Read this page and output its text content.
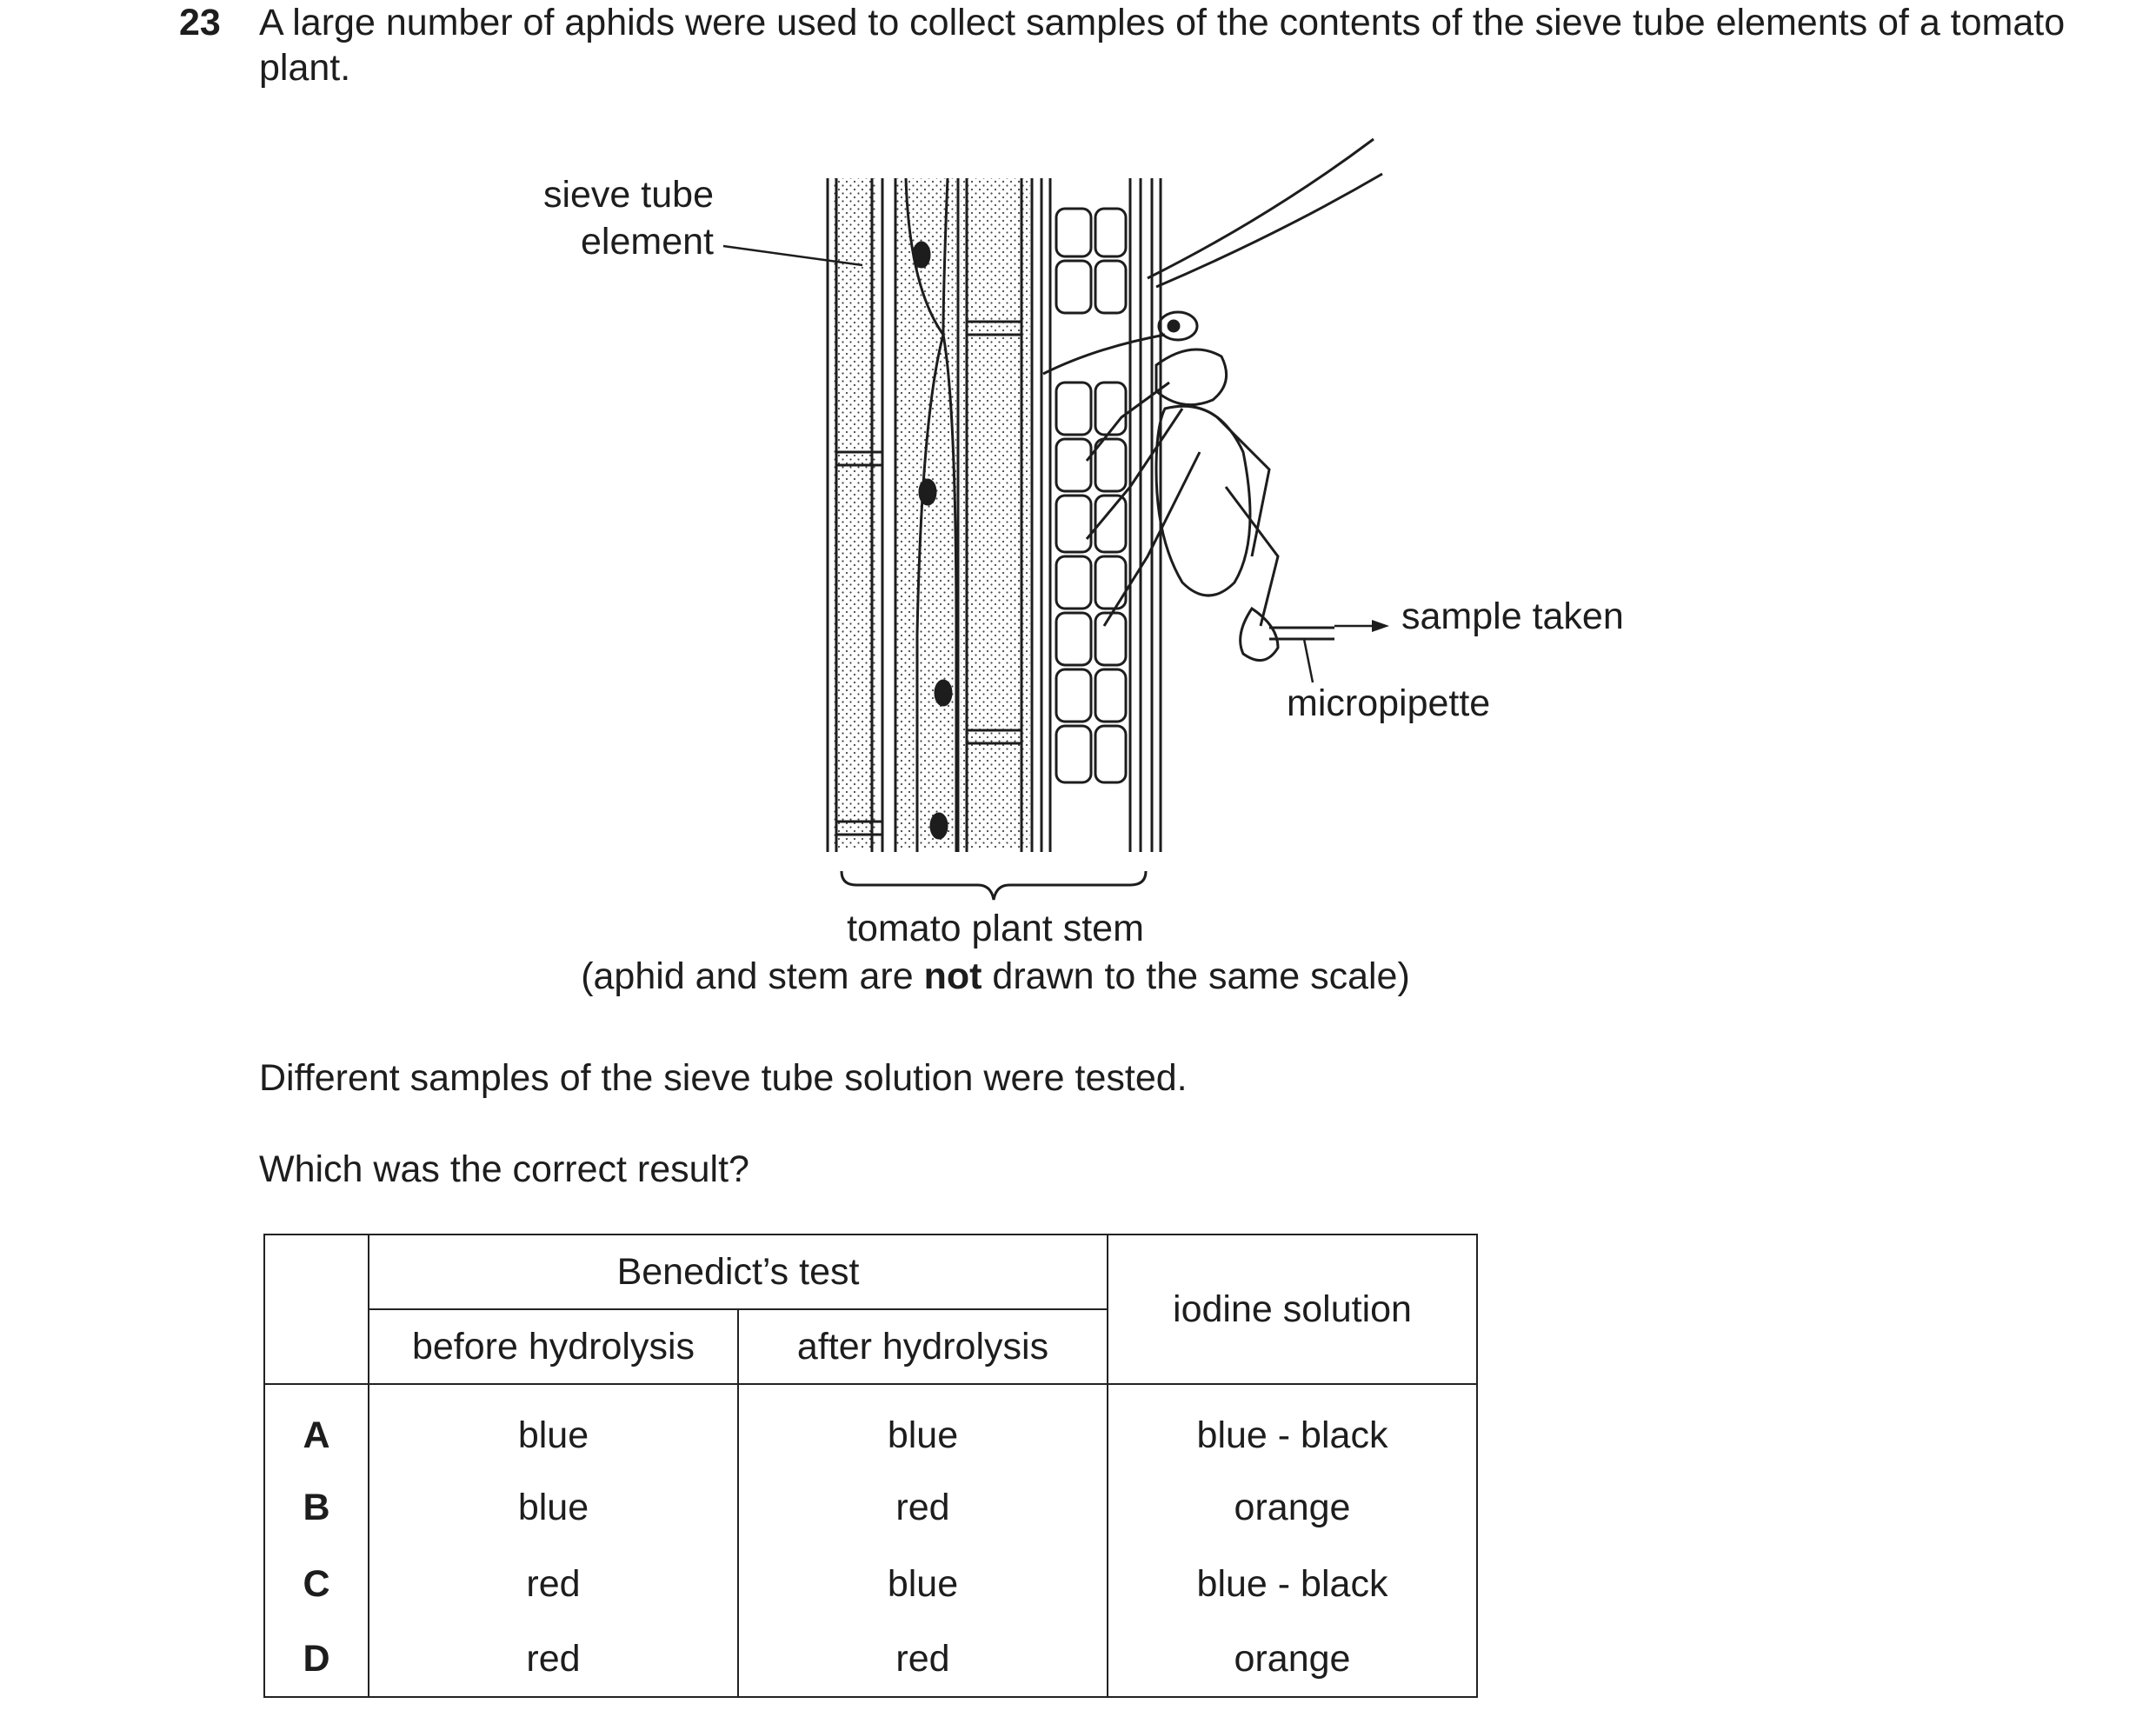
23 A large number of aphids were used to collect samples of the contents of the sieve tube elements of a tomato plant.
sieve tube
element
sample taken
micropipette
tomato plant stem
(aphid and stem are not drawn to the same scale)
Different samples of the sieve tube solution were tested.
Which was the correct result?
	Benedict’s test		iodine solution
	before hydrolysis	after hydrolysis	
A	blue	blue	blue - black
B	blue	red	orange
C	red	blue	blue - black
D	red	red	orange
